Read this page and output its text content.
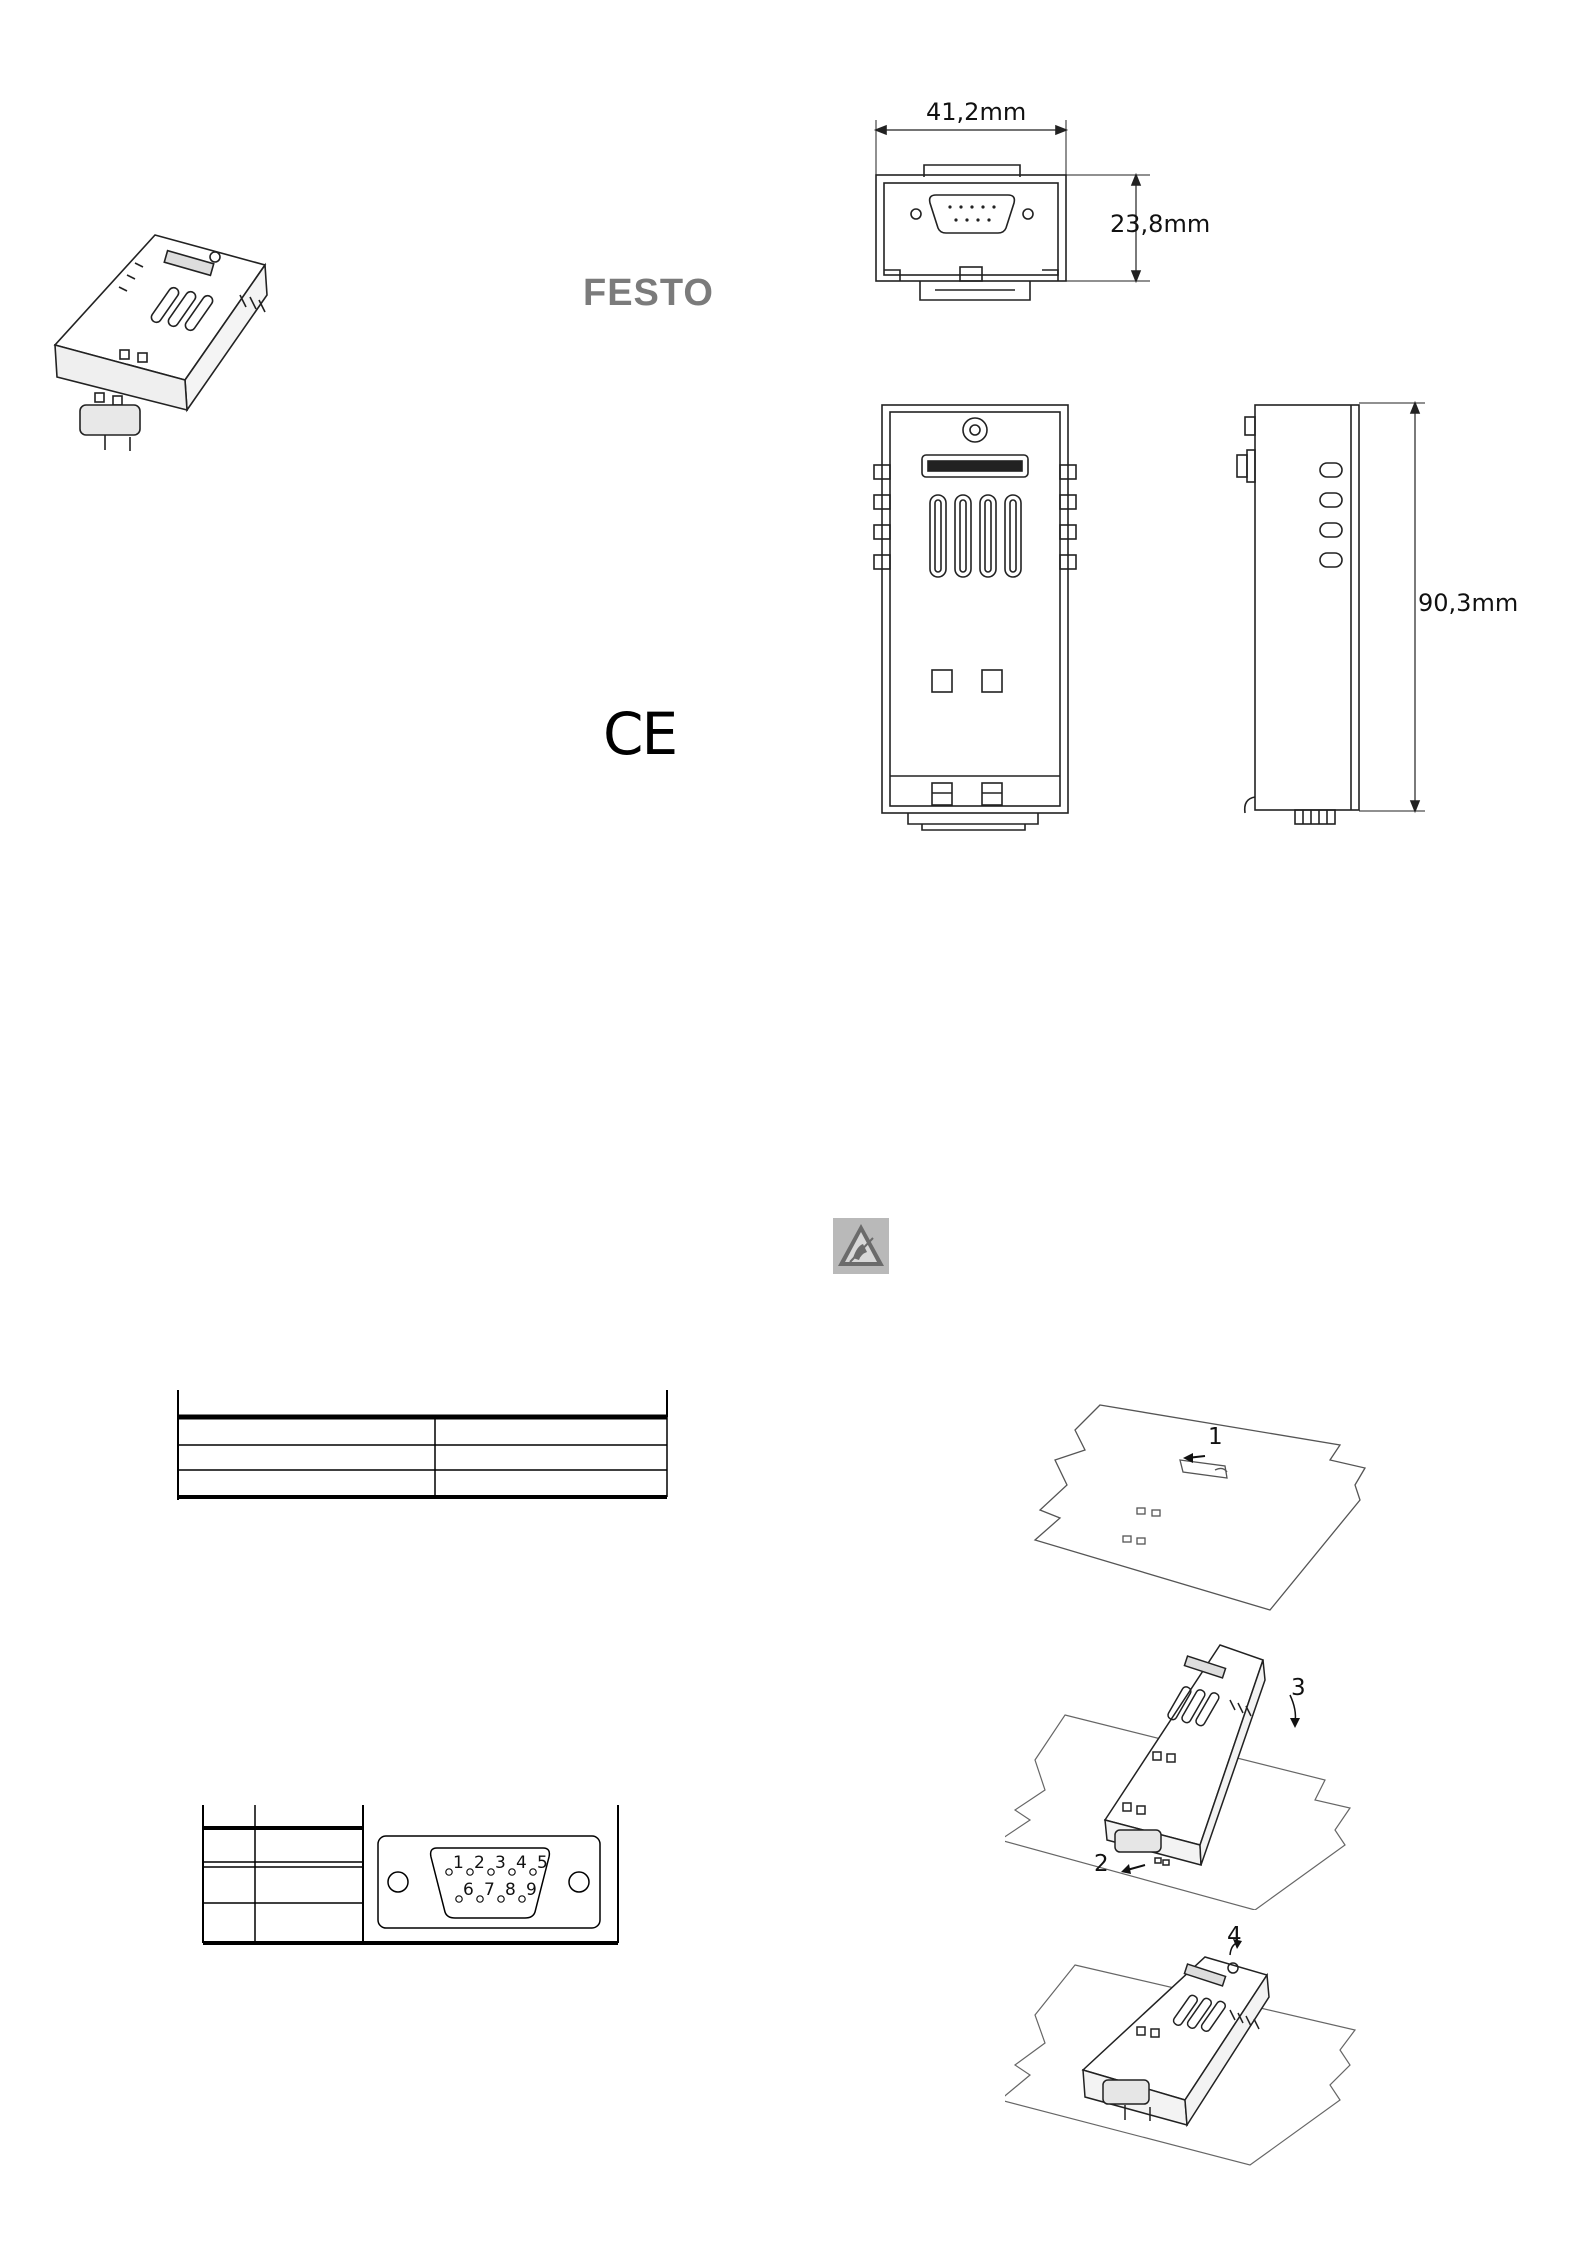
FESTO
CE
1 2 3 4 5
6 7 8 9
41,2mm
23,8mm
90,3mm
1
3
2
4
